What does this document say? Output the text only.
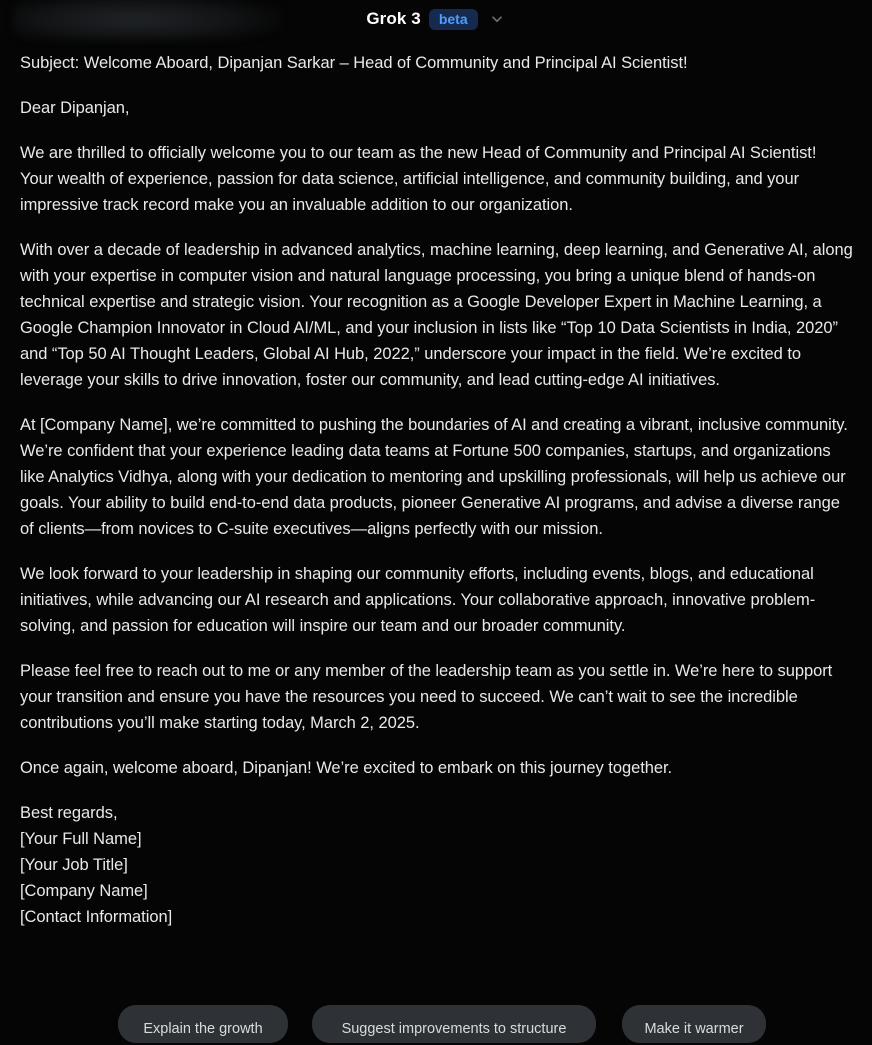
Grok 3	beta

Subject: Welcome Aboard, Dipanjan Sarkar – Head of Community and Principal AI Scientist!

Dear Dipanjan,

We are thrilled to officially welcome you to our team as the new Head of Community and Principal AI Scientist! Your wealth of experience, passion for data science, artificial intelligence, and community building, and your impressive track record make you an invaluable addition to our organization.

With over a decade of leadership in advanced analytics, machine learning, deep learning, and Generative AI, along with your expertise in computer vision and natural language processing, you bring a unique blend of hands-on technical expertise and strategic vision. Your recognition as a Google Developer Expert in Machine Learning, a Google Champion Innovator in Cloud AI/ML, and your inclusion in lists like “Top 10 Data Scientists in India, 2020” and “Top 50 AI Thought Leaders, Global AI Hub, 2022,” underscore your impact in the field. We’re excited to leverage your skills to drive innovation, foster our community, and lead cutting-edge AI initiatives.

At [Company Name], we’re committed to pushing the boundaries of AI and creating a vibrant, inclusive community. We’re confident that your experience leading data teams at Fortune 500 companies, startups, and organizations like Analytics Vidhya, along with your dedication to mentoring and upskilling professionals, will help us achieve our goals. Your ability to build end-to-end data products, pioneer Generative AI programs, and advise a diverse range of clients—from novices to C-suite executives—aligns perfectly with our mission.

We look forward to your leadership in shaping our community efforts, including events, blogs, and educational initiatives, while advancing our AI research and applications. Your collaborative approach, innovative problem-solving, and passion for education will inspire our team and our broader community.

Please feel free to reach out to me or any member of the leadership team as you settle in. We’re here to support your transition and ensure you have the resources you need to succeed. We can’t wait to see the incredible contributions you’ll make starting today, March 2, 2025.

Once again, welcome aboard, Dipanjan! We’re excited to embark on this journey together.

Best regards,
[Your Full Name]
[Your Job Title]
[Company Name]
[Contact Information]
Explain the growth	Suggest improvements to structure	Make it warmer
